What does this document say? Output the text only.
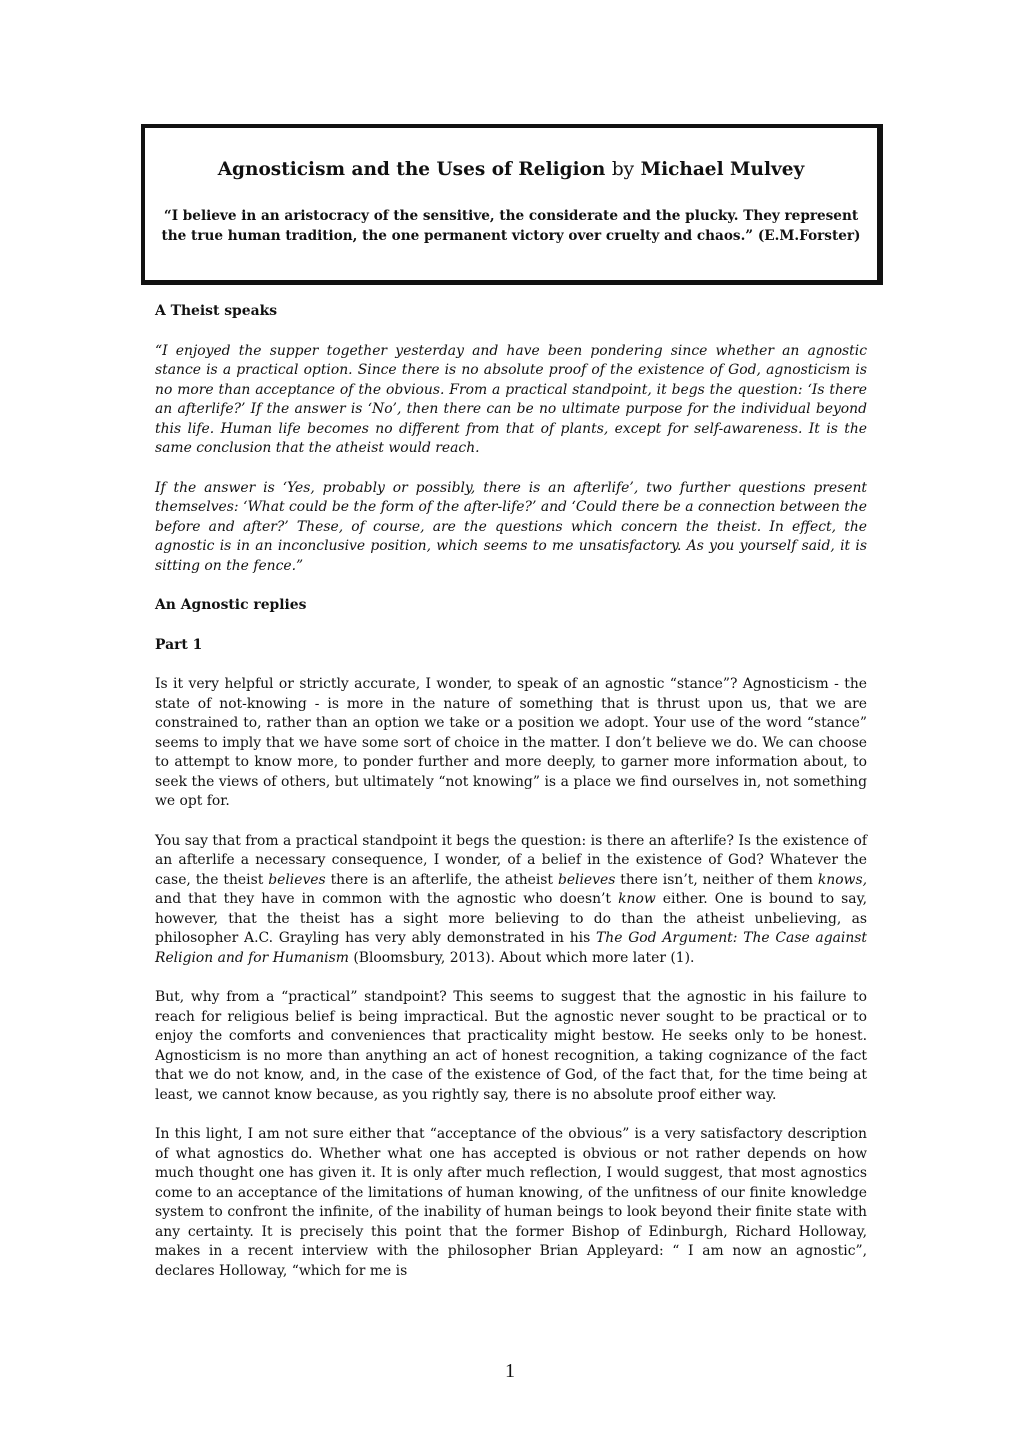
Agnosticism and the Uses of Religion by Michael Mulvey
“I believe in an aristocracy of the sensitive, the considerate and the plucky. They represent the true human tradition, the one permanent victory over cruelty and chaos.” (E.M.Forster)

A Theist speaks

“I enjoyed the supper together yesterday and have been pondering since whether an agnostic stance is a practical option. Since there is no absolute proof of the existence of God, agnosticism is no more than acceptance of the obvious. From a practical standpoint, it begs the question: ‘Is there an afterlife?’ If the answer is ‘No’, then there can be no ultimate purpose for the individual beyond this life. Human life becomes no different from that of plants, except for self-awareness. It is the same conclusion that the atheist would reach.

If the answer is ‘Yes, probably or possibly, there is an afterlife’, two further questions present themselves: ‘What could be the form of the after-life?’ and ‘Could there be a connection between the before and after?’ These, of course, are the questions which concern the theist. In effect, the agnostic is in an inconclusive position, which seems to me unsatisfactory. As you yourself said, it is sitting on the fence.”

An Agnostic replies

Part 1

Is it very helpful or strictly accurate, I wonder, to speak of an agnostic “stance”? Agnosticism - the state of not-knowing - is more in the nature of something that is thrust upon us, that we are constrained to, rather than an option we take or a position we adopt. Your use of the word “stance” seems to imply that we have some sort of choice in the matter. I don’t believe we do. We can choose to attempt to know more, to ponder further and more deeply, to garner more information about, to seek the views of others, but ultimately “not knowing” is a place we find ourselves in, not something we opt for.

You say that from a practical standpoint it begs the question: is there an afterlife? Is the existence of an afterlife a necessary consequence, I wonder, of a belief in the existence of God? Whatever the case, the theist believes there is an afterlife, the atheist believes there isn’t, neither of them knows, and that they have in common with the agnostic who doesn’t know either. One is bound to say, however, that the theist has a sight more believing to do than the atheist unbelieving, as philosopher A.C. Grayling has very ably demonstrated in his The God Argument: The Case against Religion and for Humanism (Bloomsbury, 2013). About which more later (1).

But, why from a “practical” standpoint? This seems to suggest that the agnostic in his failure to reach for religious belief is being impractical. But the agnostic never sought to be practical or to enjoy the comforts and conveniences that practicality might bestow. He seeks only to be honest. Agnosticism is no more than anything an act of honest recognition, a taking cognizance of the fact that we do not know, and, in the case of the existence of God, of the fact that, for the time being at least, we cannot know because, as you rightly say, there is no absolute proof either way.

In this light, I am not sure either that “acceptance of the obvious” is a very satisfactory description of what agnostics do. Whether what one has accepted is obvious or not rather depends on how much thought one has given it. It is only after much reflection, I would suggest, that most agnostics come to an acceptance of the limitations of human knowing, of the unfitness of our finite knowledge system to confront the infinite, of the inability of human beings to look beyond their finite state with any certainty. It is precisely this point that the former Bishop of Edinburgh, Richard Holloway, makes in a recent interview with the philosopher Brian Appleyard: “ I am now an agnostic”, declares Holloway, “which for me is

1
